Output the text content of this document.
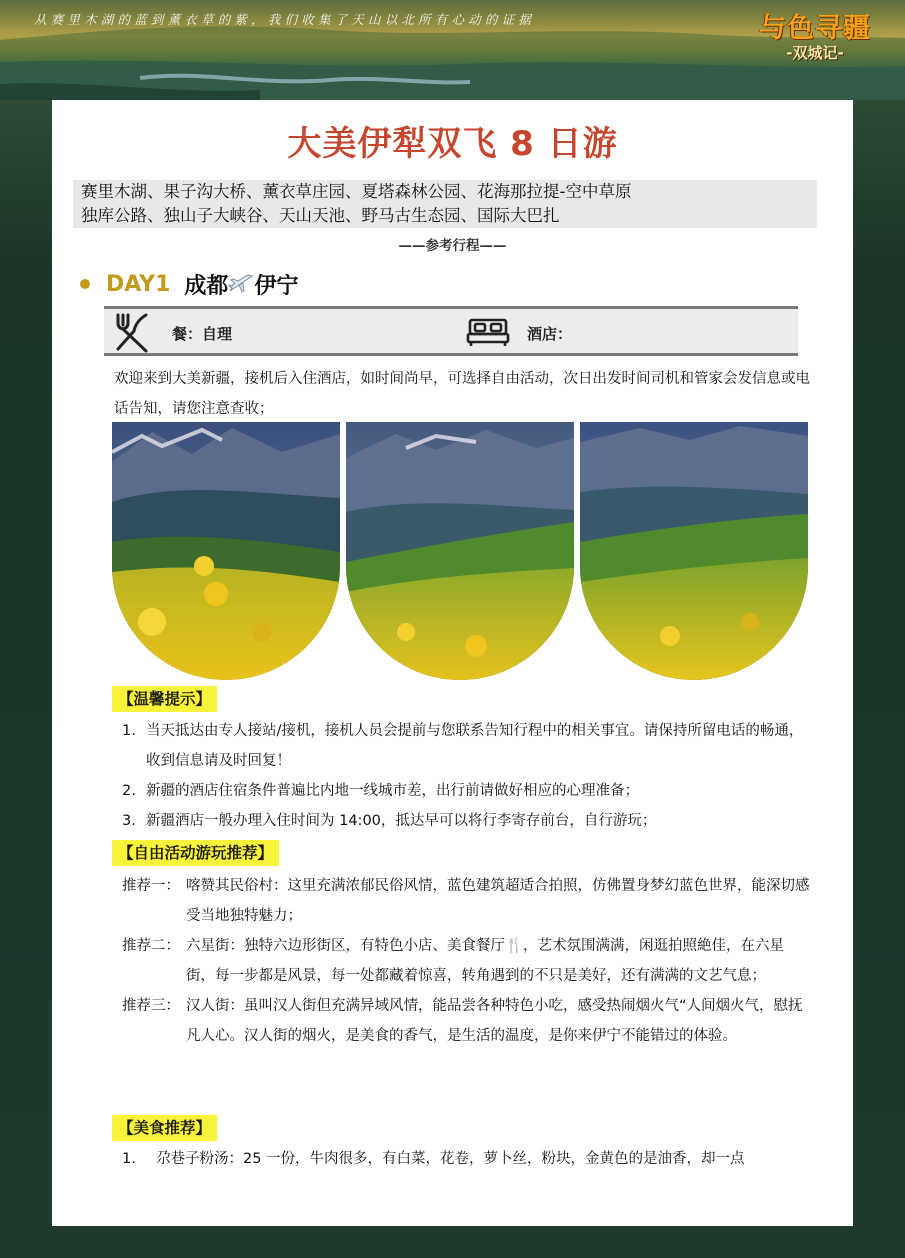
从赛里木湖的蓝到薰衣草的紫，我们收集了天山以北所有心动的证据	与色寻疆
-双城记-
大美伊犁双飞 8 日游
赛里木湖、果子沟大桥、薰衣草庄园、夏塔森林公园、花海那拉提-空中草原
独库公路、独山子大峡谷、天山天池、野马古生态园、国际大巴扎
——参考行程——
DAY1 成都 伊宁
餐：自理	酒店：
欢迎来到大美新疆，接机后入住酒店，如时间尚早，可选择自由活动，次日出发时间司机和管家会发信息或电话告知，请您注意查收；
【温馨提示】
1. 当天抵达由专人接站/接机，接机人员会提前与您联系告知行程中的相关事宜。请保持所留电话的畅通，收到信息请及时回复！
2. 新疆的酒店住宿条件普遍比内地一线城市差，出行前请做好相应的心理准备；
3. 新疆酒店一般办理入住时间为 14:00，抵达早可以将行李寄存前台，自行游玩；
【自由活动游玩推荐】
推荐一： 喀赞其民俗村：这里充满浓郁民俗风情，蓝色建筑超适合拍照，仿佛置身梦幻蓝色世界，能深切感受当地独特魅力；
推荐二： 六星街：独特六边形街区，有特色小店、美食餐厅🍴，艺术氛围满满，闲逛拍照絶佳，在六星街，每一步都是风景，每一处都藏着惊喜，转角遇到的不只是美好，还有满满的文艺气息；
推荐三： 汉人街：虽叫汉人街但充满异域风情，能品尝各种特色小吃，感受热闹烟火气“人间烟火气，慰抚凡人心。汉人街的烟火，是美食的香气，是生活的温度，是你来伊宁不能错过的体验。
【美食推荐】
1. 尕巷子粉汤：25 一份，牛肉很多，有白菜，花卷，萝卜丝，粉块，金黄色的是油香，却一点
